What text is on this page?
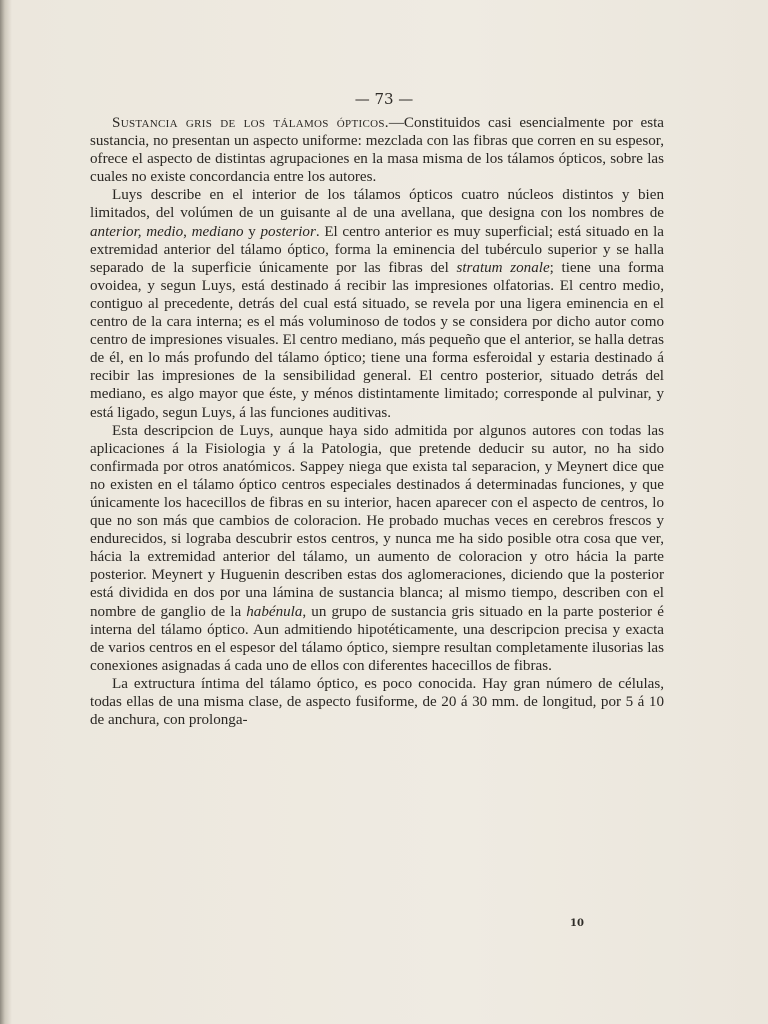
— 73 —

Sustancia gris de los tálamos ópticos.—Constituidos casi esencialmente por esta sustancia, no presentan un aspecto uniforme: mezclada con las fibras que corren en su espesor, ofrece el aspecto de distintas agrupaciones en la masa misma de los tálamos ópticos, sobre las cuales no existe concordancia entre los autores.

Luys describe en el interior de los tálamos ópticos cuatro núcleos distintos y bien limitados, del volúmen de un guisante al de una avellana, que designa con los nombres de anterior, medio, mediano y posterior. El centro anterior es muy superficial; está situado en la extremidad anterior del tálamo óptico, forma la eminencia del tubérculo superior y se halla separado de la superficie únicamente por las fibras del stratum zonale; tiene una forma ovoidea, y segun Luys, está destinado á recibir las impresiones olfatorias. El centro medio, contiguo al precedente, detrás del cual está situado, se revela por una ligera eminencia en el centro de la cara interna; es el más voluminoso de todos y se considera por dicho autor como centro de impresiones visuales. El centro mediano, más pequeño que el anterior, se halla detras de él, en lo más profundo del tálamo óptico; tiene una forma esferoidal y estaria destinado á recibir las impresiones de la sensibilidad general. El centro posterior, situado detrás del mediano, es algo mayor que éste, y ménos distintamente limitado; corresponde al pulvinar, y está ligado, segun Luys, á las funciones auditivas.

Esta descripcion de Luys, aunque haya sido admitida por algunos autores con todas las aplicaciones á la Fisiologia y á la Patologia, que pretende deducir su autor, no ha sido confirmada por otros anatómicos. Sappey niega que exista tal separacion, y Meynert dice que no existen en el tálamo óptico centros especiales destinados á determinadas funciones, y que únicamente los hacecillos de fibras en su interior, hacen aparecer con el aspecto de centros, lo que no son más que cambios de coloracion. He probado muchas veces en cerebros frescos y endurecidos, si lograba descubrir estos centros, y nunca me ha sido posible otra cosa que ver, hácia la extremidad anterior del tálamo, un aumento de coloracion y otro hácia la parte posterior. Meynert y Huguenin describen estas dos aglomeraciones, diciendo que la posterior está dividida en dos por una lámina de sustancia blanca; al mismo tiempo, describen con el nombre de ganglio de la habénula, un grupo de sustancia gris situado en la parte posterior é interna del tálamo óptico. Aun admitiendo hipotéticamente, una descripcion precisa y exacta de varios centros en el espesor del tálamo óptico, siempre resultan completamente ilusorias las conexiones asignadas á cada uno de ellos con diferentes hacecillos de fibras.

La extructura íntima del tálamo óptico, es poco conocida. Hay gran número de células, todas ellas de una misma clase, de aspecto fusiforme, de 20 á 30 mm. de longitud, por 5 á 10 de anchura, con prolonga-

10
